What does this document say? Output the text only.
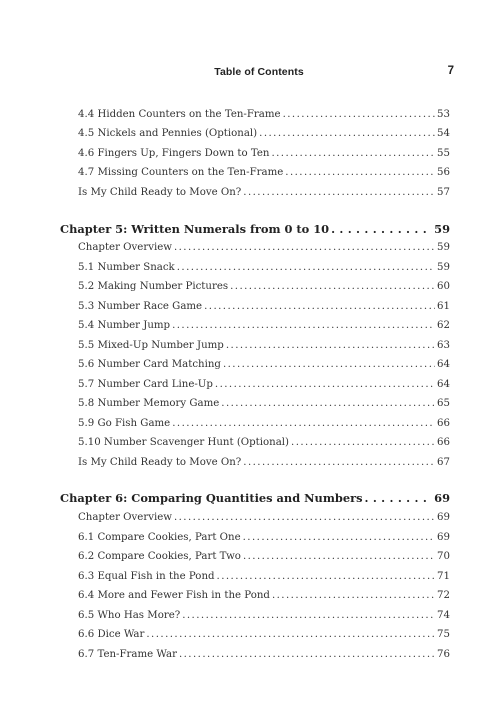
Table of Contents	7
4.4 Hidden Counters on the Ten-Frame . . .	53
4.5 Nickels and Pennies (Optional) . . .	54
4.6 Fingers Up, Fingers Down to Ten . . .	55
4.7 Missing Counters on the Ten-Frame . . .	56
Is My Child Ready to Move On? . . .	57
Chapter 5: Written Numerals from 0 to 10 . . .	59
Chapter Overview . . .	59
5.1 Number Snack . . .	59
5.2 Making Number Pictures . . .	60
5.3 Number Race Game . . .	61
5.4 Number Jump . . .	62
5.5 Mixed-Up Number Jump . . .	63
5.6 Number Card Matching . . .	64
5.7 Number Card Line-Up . . .	64
5.8 Number Memory Game . . .	65
5.9 Go Fish Game . . .	66
5.10 Number Scavenger Hunt (Optional) . . .	66
Is My Child Ready to Move On? . . .	67
Chapter 6: Comparing Quantities and Numbers . . .	69
Chapter Overview . . .	69
6.1 Compare Cookies, Part One . . .	69
6.2 Compare Cookies, Part Two . . .	70
6.3 Equal Fish in the Pond . . .	71
6.4 More and Fewer Fish in the Pond . . .	72
6.5 Who Has More? . . .	74
6.6 Dice War . . .	75
6.7 Ten-Frame War . . .	76
